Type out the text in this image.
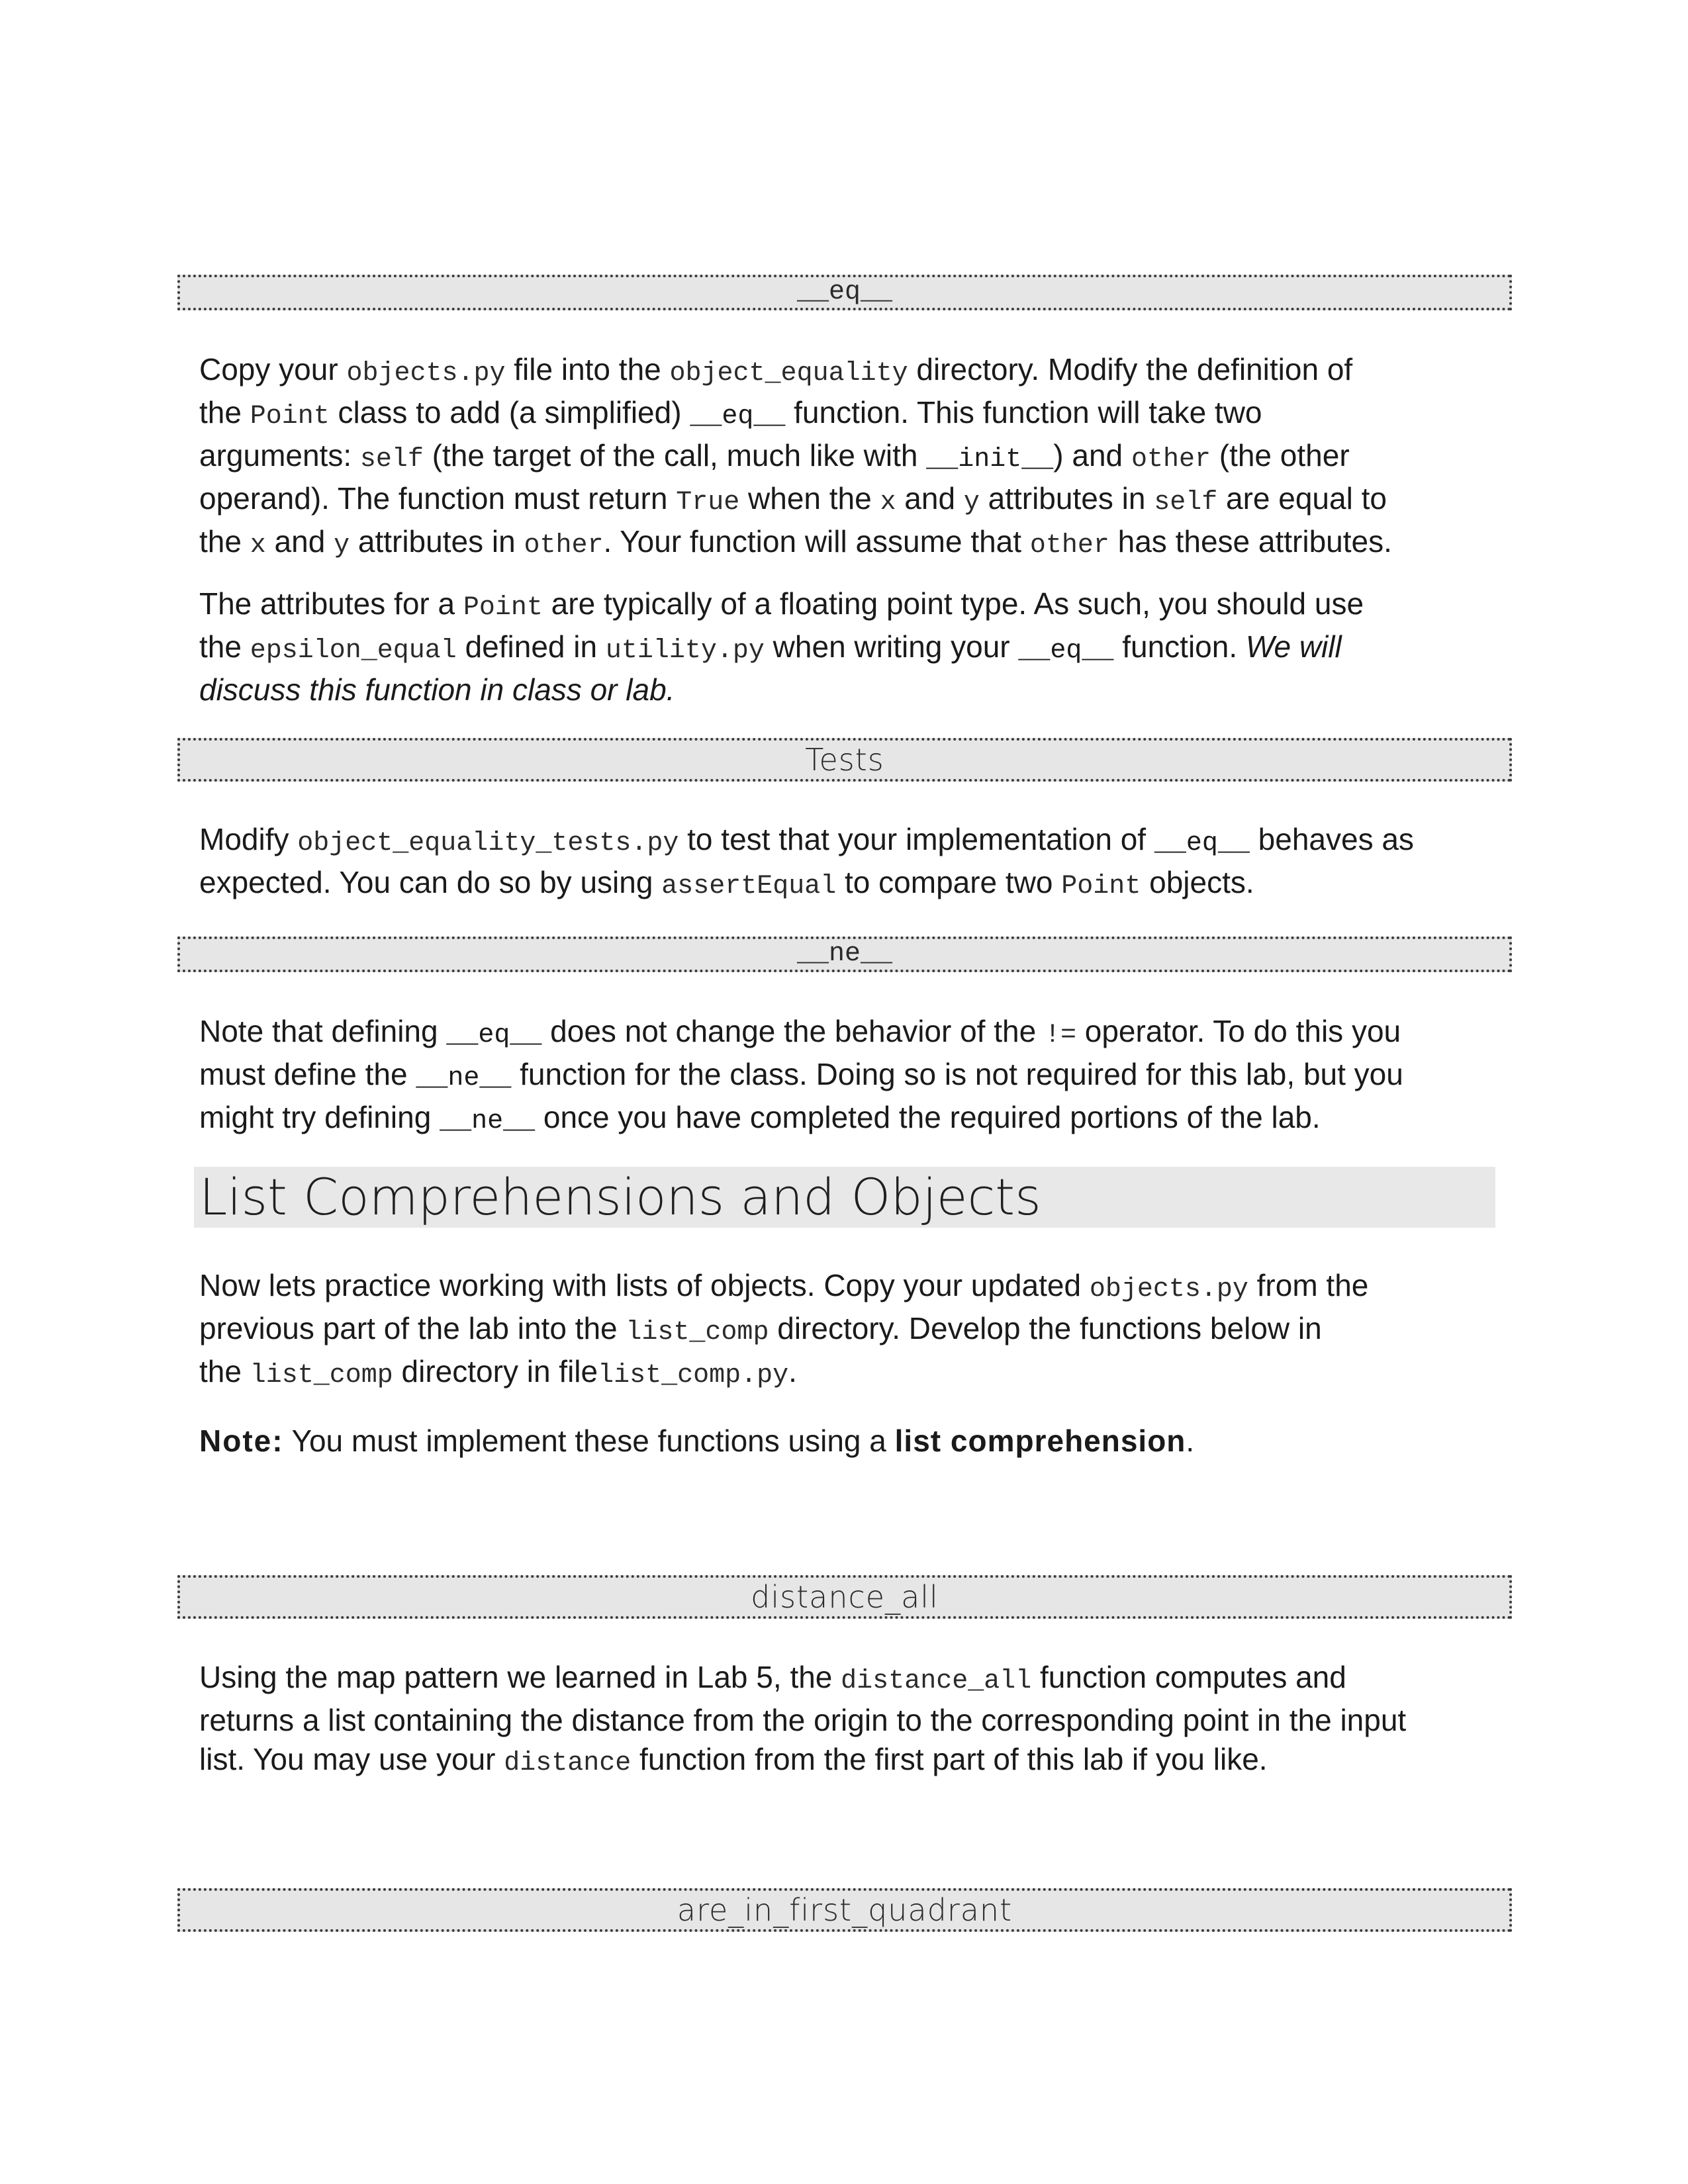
__eq__
Copy your objects.py file into the object_equality directory. Modify the definition of
the Point class to add (a simplified) __eq__ function. This function will take two
arguments: self (the target of the call, much like with __init__) and other (the other
operand). The function must return True when the x and y attributes in self are equal to
the x and y attributes in other. Your function will assume that other has these attributes.
The attributes for a Point are typically of a floating point type. As such, you should use
the epsilon_equal defined in utility.py when writing your __eq__ function. We will
discuss this function in class or lab.
Tests
Modify object_equality_tests.py to test that your implementation of __eq__ behaves as
expected. You can do so by using assertEqual to compare two Point objects.
__ne__
Note that defining __eq__ does not change the behavior of the != operator. To do this you
must define the __ne__ function for the class. Doing so is not required for this lab, but you
might try defining __ne__ once you have completed the required portions of the lab.
List Comprehensions and Objects
Now lets practice working with lists of objects. Copy your updated objects.py from the
previous part of the lab into the list_comp directory. Develop the functions below in
the list_comp directory in filelist_comp.py.
Note: You must implement these functions using a list comprehension.
distance_all
Using the map pattern we learned in Lab 5, the distance_all function computes and
returns a list containing the distance from the origin to the corresponding point in the input
list. You may use your distance function from the first part of this lab if you like.
are_in_first_quadrant
